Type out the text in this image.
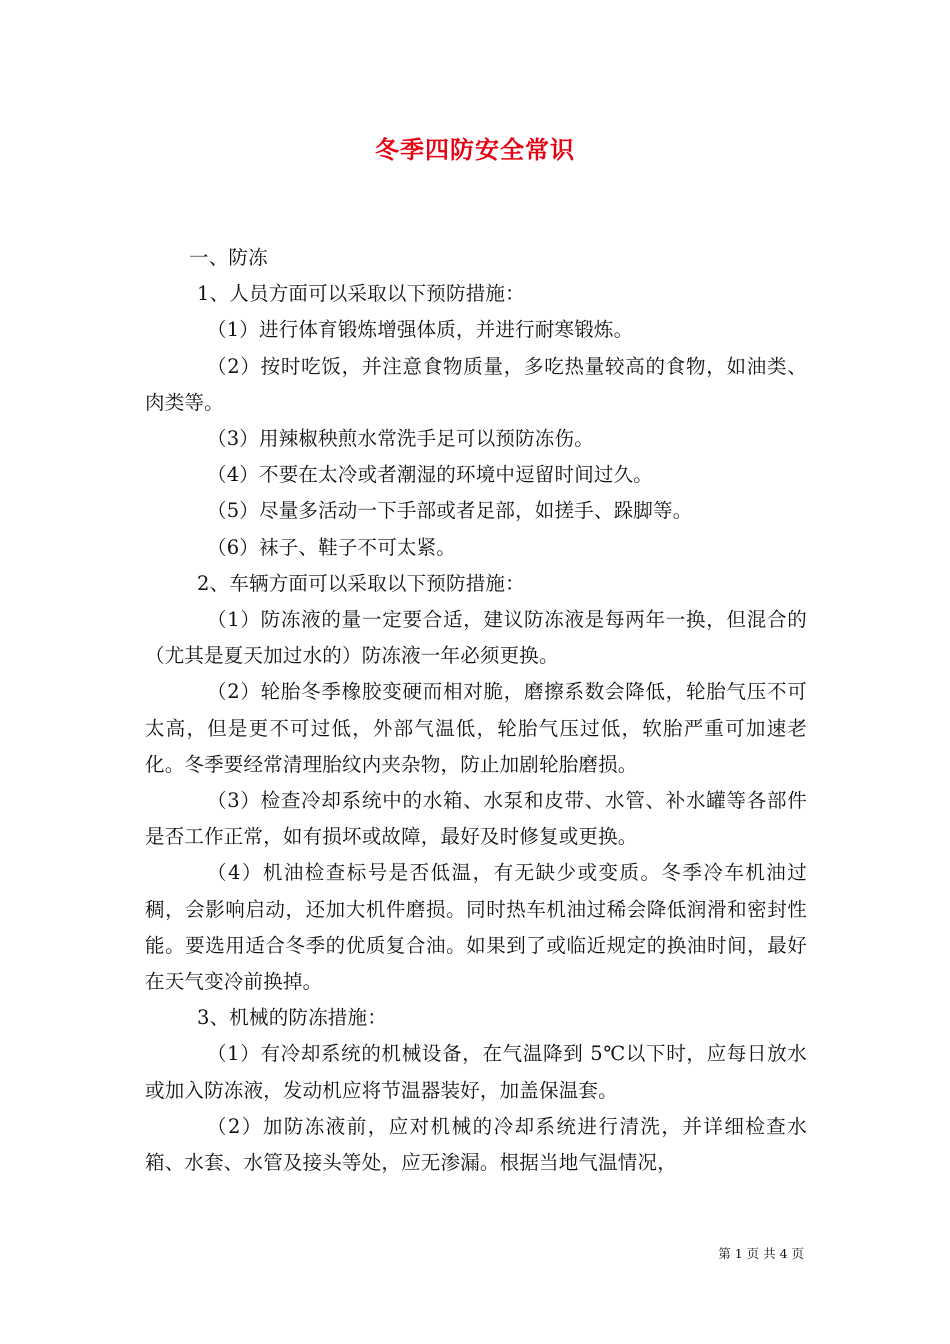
冬季四防安全常识

一、防冻

1、人员方面可以采取以下预防措施：

（1）进行体育锻炼增强体质，并进行耐寒锻炼。

（2）按时吃饭，并注意食物质量，多吃热量较高的食物，如油类、肉类等。

（3）用辣椒秧煎水常洗手足可以预防冻伤。

（4）不要在太冷或者潮湿的环境中逗留时间过久。

（5）尽量多活动一下手部或者足部，如搓手、跺脚等。

（6）袜子、鞋子不可太紧。

2、车辆方面可以采取以下预防措施：

（1）防冻液的量一定要合适，建议防冻液是每两年一换，但混合的（尤其是夏天加过水的）防冻液一年必须更换。

（2）轮胎冬季橡胶变硬而相对脆，磨擦系数会降低，轮胎气压不可太高，但是更不可过低，外部气温低，轮胎气压过低，软胎严重可加速老化。冬季要经常清理胎纹内夹杂物，防止加剧轮胎磨损。

（3）检查冷却系统中的水箱、水泵和皮带、水管、补水罐等各部件是否工作正常，如有损坏或故障，最好及时修复或更换。

（4）机油检查标号是否低温，有无缺少或变质。冬季冷车机油过稠，会影响启动，还加大机件磨损。同时热车机油过稀会降低润滑和密封性能。要选用适合冬季的优质复合油。如果到了或临近规定的换油时间，最好在天气变冷前换掉。

3、机械的防冻措施：

（1）有冷却系统的机械设备，在气温降到 5℃以下时，应每日放水或加入防冻液，发动机应将节温器装好，加盖保温套。

（2）加防冻液前，应对机械的冷却系统进行清洗，并详细检查水箱、水套、水管及接头等处，应无渗漏。根据当地气温情况，

第 1 页 共 4 页
